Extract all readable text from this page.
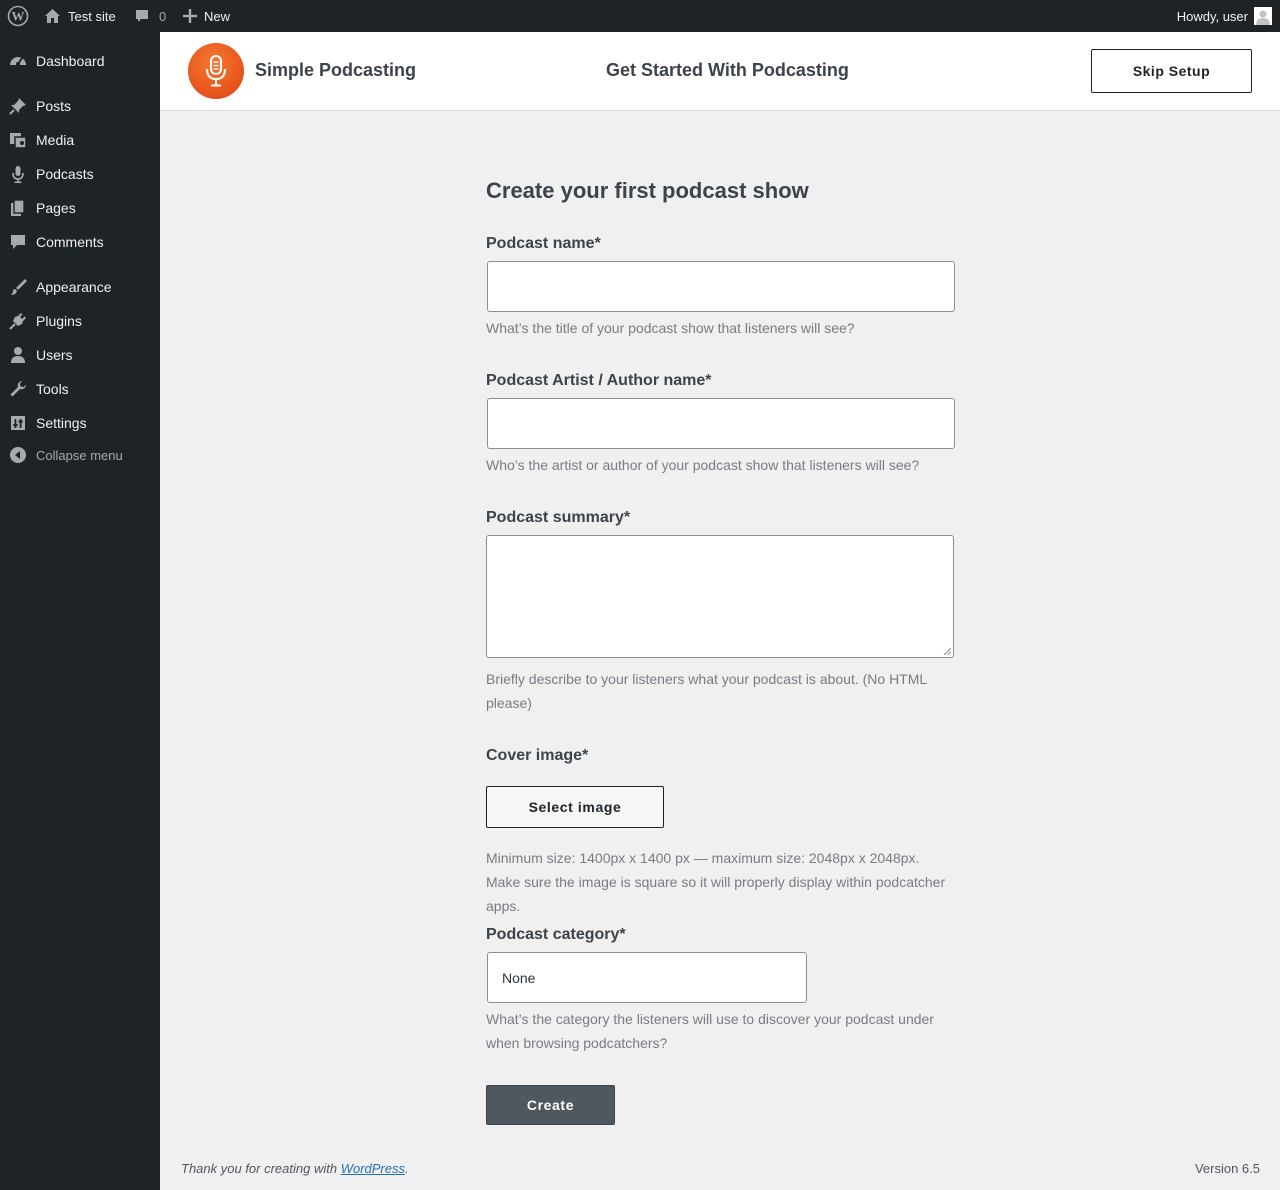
W	Test site	0	New	Howdy, user
Dashboard
Posts
Media
Podcasts
Pages
Comments
Appearance
Plugins
Users
Tools
Settings
Collapse menu
Simple Podcasting	Get Started With Podcasting	Skip Setup
Create your first podcast show
Podcast name*
What’s the title of your podcast show that listeners will see?
Podcast Artist / Author name*
Who’s the artist or author of your podcast show that listeners will see?
Podcast summary*
Briefly describe to your listeners what your podcast is about. (No HTML please)
Cover image*
Select image
Minimum size: 1400px x 1400 px — maximum size: 2048px x 2048px. Make sure the image is square so it will properly display within podcatcher apps.
Podcast category*
None
What’s the category the listeners will use to discover your podcast under when browsing podcatchers?
Create
Thank you for creating with WordPress.	Version 6.5
